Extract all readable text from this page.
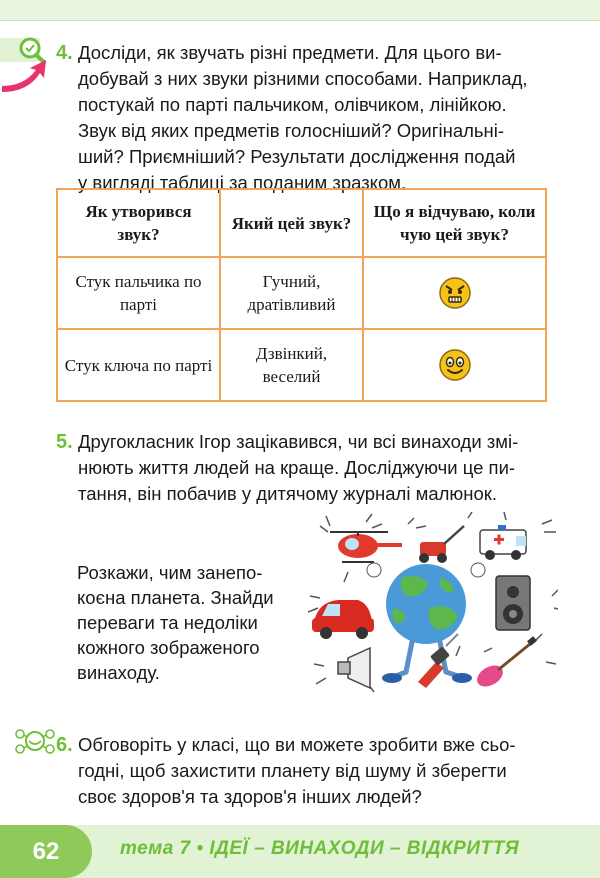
4. Досліди, як звучать різні предмети. Для цього ви-

добувай з них звуки різними способами. Наприклад,

постукай по парті пальчиком, олівчиком, лінійкою.

Звук від яких предметів голосніший? Оригінальні-

ший? Приємніший? Результати дослідження подай

у вигляді таблиці за поданим зразком.

Як утворився звук?	Який цей звук?	Що я відчуваю, коли чую цей звук?
Стук пальчика по парті	Гучний, дратівливий	
Стук ключа по парті	Дзвінкий, веселий	
5. Другокласник Ігор зацікавився, чи всі винаходи змі-

нюють життя людей на краще. Досліджуючи це пи-

тання, він побачив у дитячому журналі малюнок.

Розкажи, чим занепо-

коєна планета. Знайди

переваги та недоліки

кожного зображеного

винаходу.

6. Обговоріть у класі, що ви можете зробити вже сьо-

годні, щоб захистити планету від шуму й зберегти

своє здоров'я та здоров'я інших людей?

62	тема 7 • ІДЕЇ – ВИНАХОДИ – ВІДКРИТТЯ
